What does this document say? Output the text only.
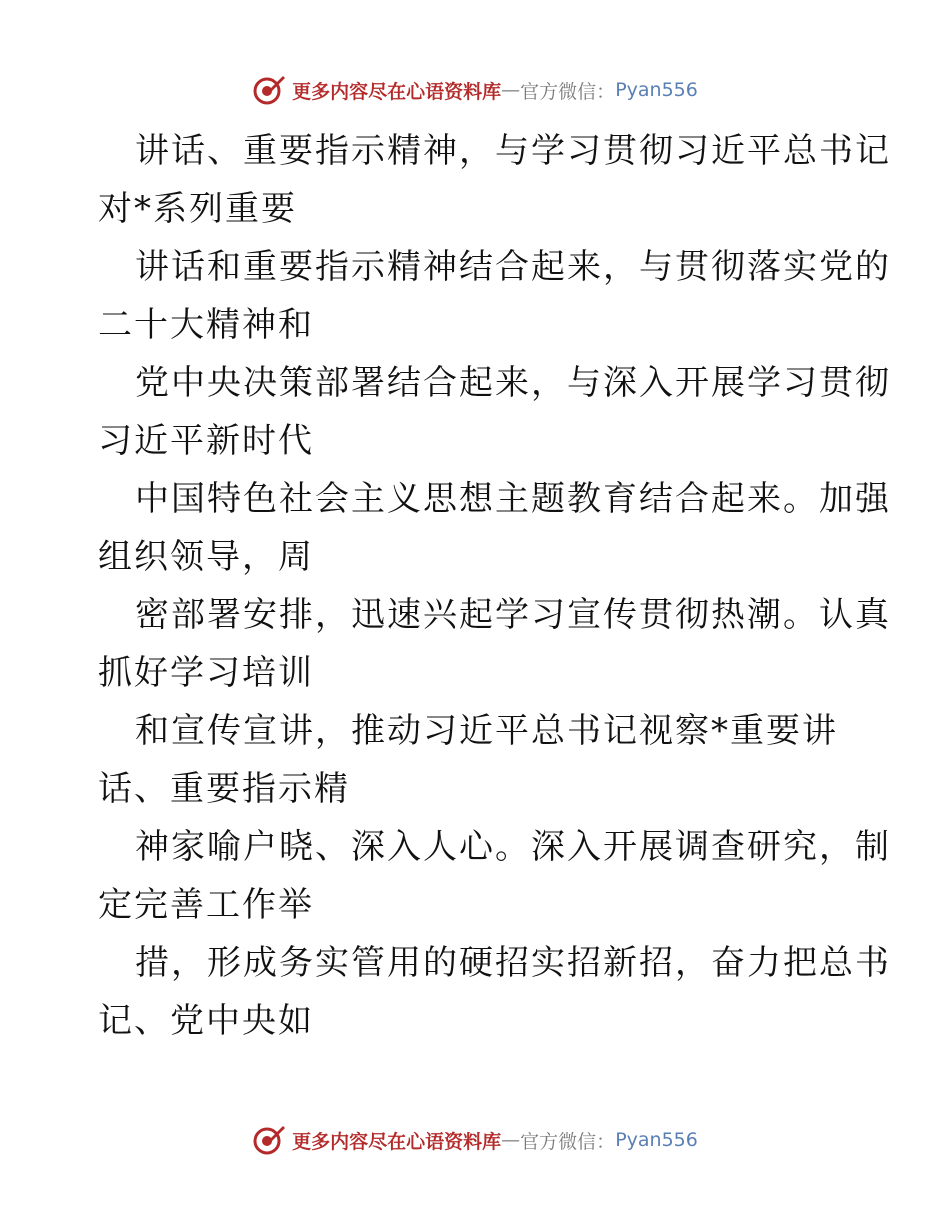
更多内容尽在心语资料库 — 官方微信： Pyan556

讲话、重要指示精神，与学习贯彻习近平总书记
对*系列重要

讲话和重要指示精神结合起来，与贯彻落实党的
二十大精神和

党中央决策部署结合起来，与深入开展学习贯彻
习近平新时代

中国特色社会主义思想主题教育结合起来。加强
组织领导，周

密部署安排，迅速兴起学习宣传贯彻热潮。认真
抓好学习培训

和宣传宣讲，推动习近平总书记视察*重要讲
话、重要指示精

神家喻户晓、深入人心。深入开展调查研究，制
定完善工作举

措，形成务实管用的硬招实招新招，奋力把总书
记、党中央如

更多内容尽在心语资料库 — 官方微信： Pyan556
